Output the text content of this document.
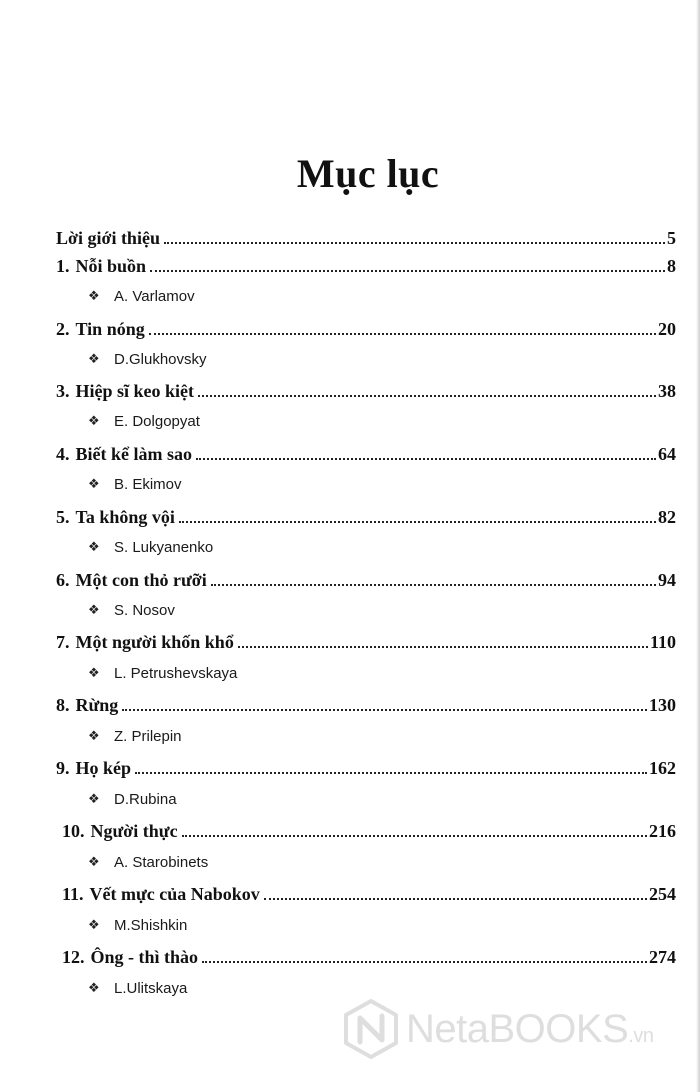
Mục lục
Lời giới thiệu	5
1. Nỗi buồn	8
❖ A. Varlamov
2. Tin nóng	20
❖ D.Glukhovsky
3. Hiệp sĩ keo kiệt	38
❖ E. Dolgopyat
4. Biết kể làm sao	64
❖ B. Ekimov
5. Ta không vội	82
❖ S. Lukyanenko
6. Một con thỏ rưỡi	94
❖ S. Nosov
7. Một người khốn khổ	110
❖ L. Petrushevskaya
8. Rừng	130
❖ Z. Prilepin
9. Họ kép	162
❖ D.Rubina
10. Người thực	216
❖ A. Starobinets
11. Vết mực của Nabokov	254
❖ M.Shishkin
12. Ông - thì thào	274
❖ L.Ulitskaya
NetaBOOKS.vn
